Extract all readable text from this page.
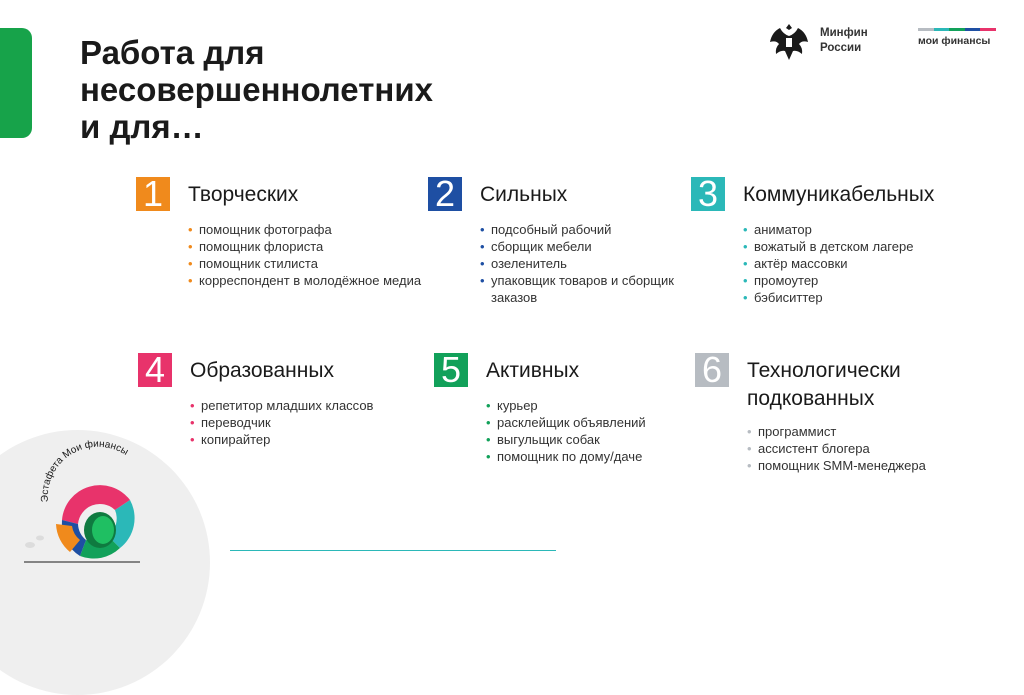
Работа для
несовершеннолетних
и для…
Минфин
России
мои финансы
1	Творческих
• помощник фотографа
• помощник флориста
• помощник стилиста
• корреспондент в молодёжное медиа
2	Сильных
• подсобный рабочий
• сборщик мебели
• озеленитель
• упаковщик товаров и сборщик заказов
3	Коммуникабельных
• аниматор
• вожатый в детском лагере
• актёр массовки
• промоутер
• бэбиситтер
4	Образованных
• репетитор младших классов
• переводчик
• копирайтер
5	Активных
• курьер
• расклейщик объявлений
• выгульщик собак
• помощник по дому/даче
6	Технологически
подкованных
• программист
• ассистент блогера
• помощник SMM-менеджера
Эстафета Мои финансы
